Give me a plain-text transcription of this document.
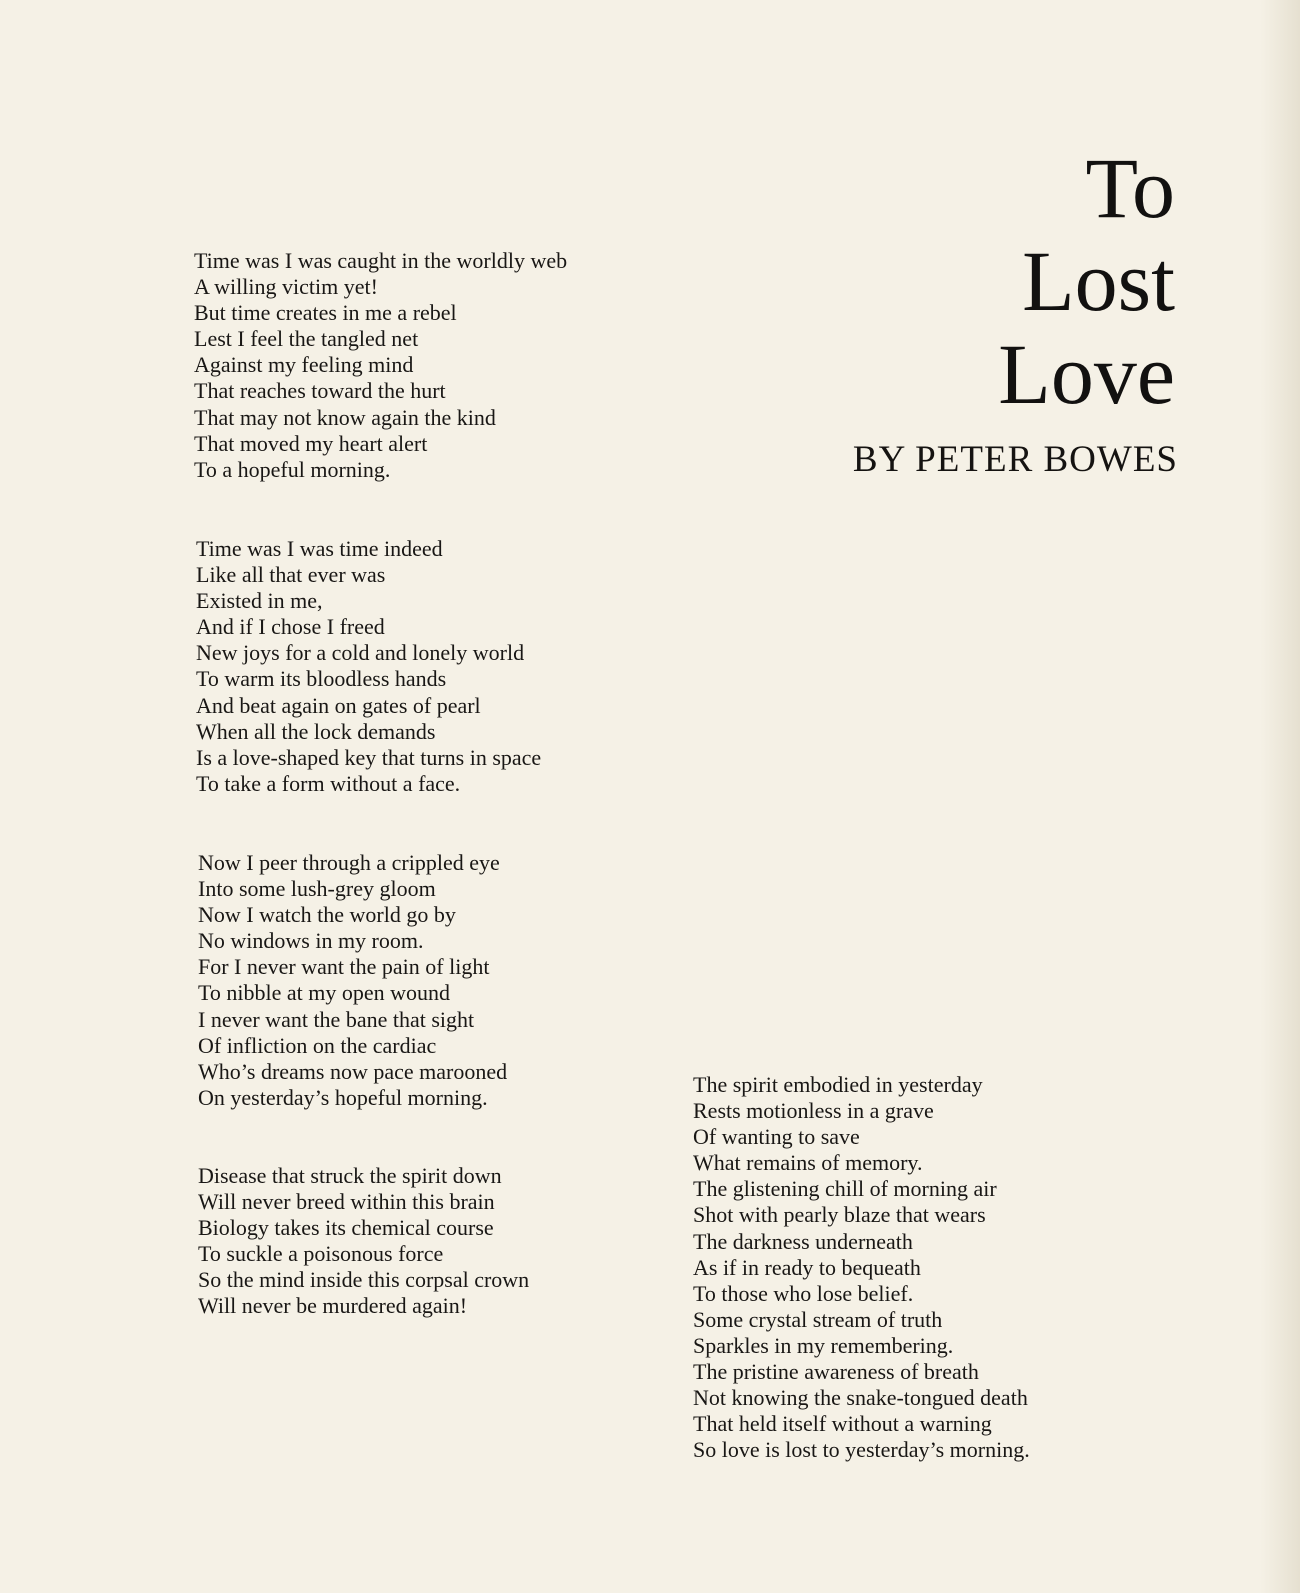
To
Lost
Love
BY PETER BOWES
Time was I was caught in the worldly web
A willing victim yet!
But time creates in me a rebel
Lest I feel the tangled net
Against my feeling mind
That reaches toward the hurt
That may not know again the kind
That moved my heart alert
To a hopeful morning.
Time was I was time indeed
Like all that ever was
Existed in me,
And if I chose I freed
New joys for a cold and lonely world
To warm its bloodless hands
And beat again on gates of pearl
When all the lock demands
Is a love-shaped key that turns in space
To take a form without a face.
Now I peer through a crippled eye
Into some lush-grey gloom
Now I watch the world go by
No windows in my room.
For I never want the pain of light
To nibble at my open wound
I never want the bane that sight
Of infliction on the cardiac
Who’s dreams now pace marooned
On yesterday’s hopeful morning.
Disease that struck the spirit down
Will never breed within this brain
Biology takes its chemical course
To suckle a poisonous force
So the mind inside this corpsal crown
Will never be murdered again!
The spirit embodied in yesterday
Rests motionless in a grave
Of wanting to save
What remains of memory.
The glistening chill of morning air
Shot with pearly blaze that wears
The darkness underneath
As if in ready to bequeath
To those who lose belief.
Some crystal stream of truth
Sparkles in my remembering.
The pristine awareness of breath
Not knowing the snake-tongued death
That held itself without a warning
So love is lost to yesterday’s morning.
